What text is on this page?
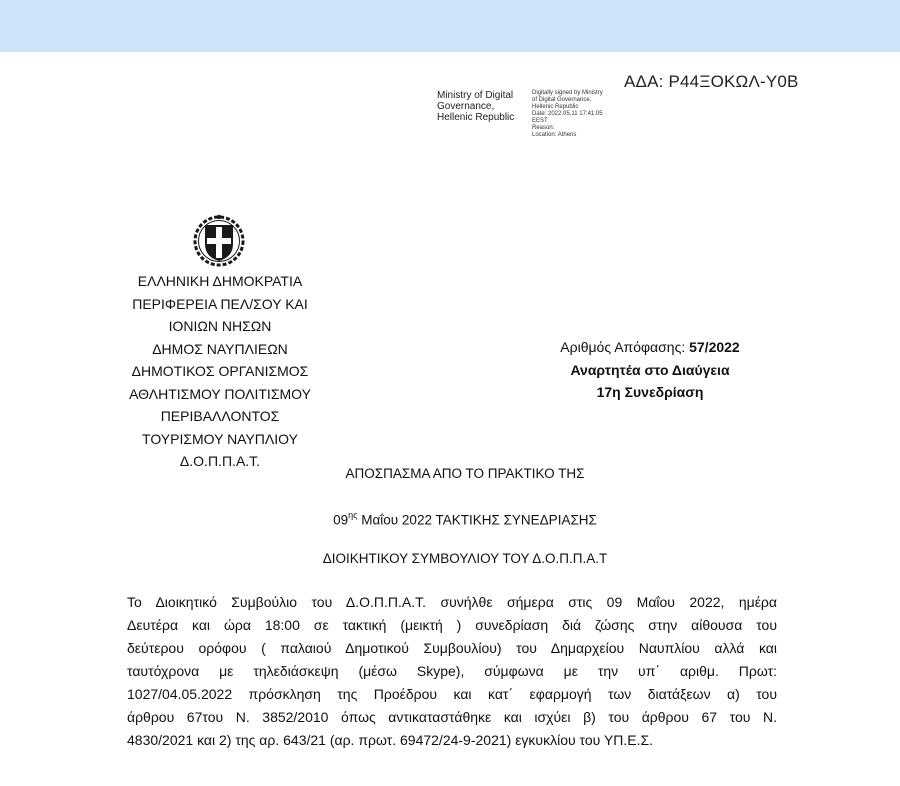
ΑΔΑ: Ρ44ΞΟΚΩΛ-Υ0Β
Ministry of Digital
Governance,
Hellenic Republic
Digitally signed by Ministry
of Digital Governance,
Hellenic Republic
Date: 2022.05.11 17:41:05
EEST
Reason:
Location: Athens
ΕΛΛΗΝΙΚΗ ΔΗΜΟΚΡΑΤΙΑ
ΠΕΡΙΦΕΡΕΙΑ ΠΕΛ/ΣΟΥ ΚΑΙ
ΙΟΝΙΩΝ ΝΗΣΩΝ
ΔΗΜΟΣ ΝΑΥΠΛΙΕΩΝ
ΔΗΜΟΤΙΚΟΣ ΟΡΓΑΝΙΣΜΟΣ
ΑΘΛΗΤΙΣΜΟΥ ΠΟΛΙΤΙΣΜΟΥ
ΠΕΡΙΒΑΛΛΟΝΤΟΣ
ΤΟΥΡΙΣΜΟΥ ΝΑΥΠΛΙΟΥ
Δ.Ο.Π.Π.Α.Τ.
Αριθμός Απόφασης: 57/2022
Αναρτητέα στο Διαύγεια
17η Συνεδρίαση
ΑΠΟΣΠΑΣΜΑ ΑΠΟ ΤΟ ΠΡΑΚΤΙΚΟ ΤΗΣ
$09^{\eta\varsigma}$ Μαΐου 2022 ΤΑΚΤΙΚΗΣ ΣΥΝΕΔΡΙΑΣΗΣ
ΔΙΟΙΚΗΤΙΚΟΥ ΣΥΜΒΟΥΛΙΟΥ ΤΟΥ Δ.Ο.Π.Π.Α.Τ
Το Διοικητικό Συμβούλιο του Δ.Ο.Π.Π.Α.Τ. συνήλθε σήμερα στις 09 Μαΐου 2022, ημέρα
Δευτέρα και ώρα 18:00 σε τακτική (μεικτή ) συνεδρίαση διά ζώσης στην αίθουσα του
δεύτερου ορόφου ( παλαιού Δημοτικού Συμβουλίου) του Δημαρχείου Ναυπλίου αλλά και
ταυτόχρονα με τηλεδιάσκεψη (μέσω Skype), σύμφωνα με την υπ΄ αριθμ. Πρωτ:
1027/04.05.2022 πρόσκληση της Προέδρου και κατ΄ εφαρμογή των διατάξεων α) του
άρθρου 67του Ν. 3852/2010 όπως αντικαταστάθηκε και ισχύει β) του άρθρου 67 του Ν.
4830/2021 και 2) της αρ. 643/21 (αρ. πρωτ. 69472/24-9-2021) εγκυκλίου του ΥΠ.Ε.Σ.
